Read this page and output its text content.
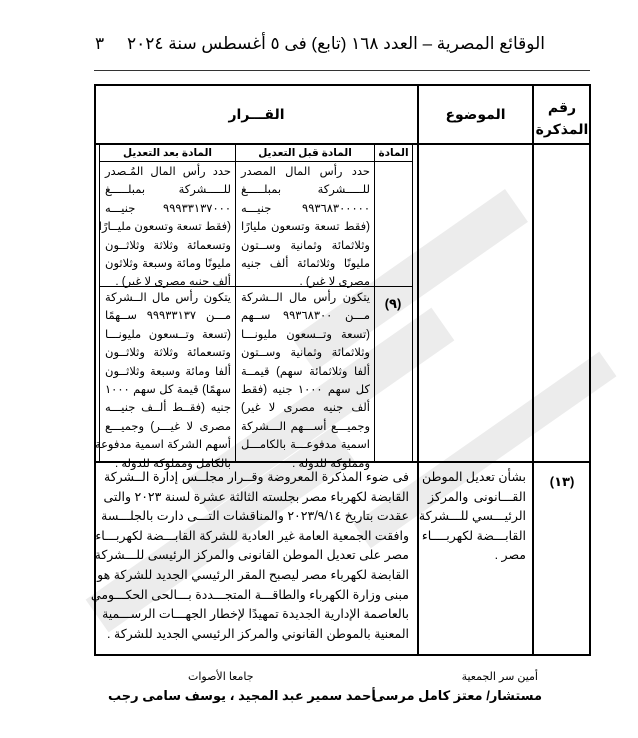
الوقائع المصرية – العدد ١٦٨ (تابع) فى ٥ أغسطس سنة ٢٠٢٤
٣
رقم المذكرة
الموضوع
القـــرار
المادة
المادة قبل التعديل
المادة بعد التعديل
حدد رأس المال المصدر
للـــــشركة بمبلـــــغ
٩٩٣٦٨٣٠٠٠٠٠ جنيـــه
(فقط تسعة وتسعون مليارًا
وثلاثمائة وثمانية وســتون
مليونًا وثلاثمائة ألف جنيه
مصرى لا غير) .
حدد رأس المال المُـصدر
للـــــشركة بمبلـــــغ
٩٩٩٣٣١٣٧٠٠٠ جنيـــه
(فقط تسعة وتسعون مليــارًا
وتسعمائة وثلاثة وثلاثــون
مليونًا ومائة وسبعة وثلاثون
ألف جنيه مصرى لا غير) .
(٩)
يتكون رأس مال الــشركة
مـــن ٩٩٣٦٨٣٠٠ ســهم
(تسعة وتــسعون مليونـــا
وثلاثمائة وثمانية وســتون
ألفا وثلاثمائة سهم) قيمــة
كل سهم ١٠٠٠ جنيه (فقط
ألف جنيه مصرى لا غير)
وجميـــع أســـهم الـــشركة
اسمية مدفوعـــة بالكامـــل
ومملوكة للدولة .
يتكون رأس مال الــشركة
مـــن ٩٩٩٣٣١٣٧ ســهمًا
(تسعة وتــسعون مليونـــا
وتسعمائة وثلاثة وثلاثــون
ألفا ومائة وسبعة وثلاثــون
سهمًا) قيمة كل سهم ١٠٠٠
جنيه (فقــط ألــف جنيـــه
مصرى لا غيـــر) وجميـــع
أسهم الشركة اسمية مدفوعة
بالكامل ومملوكة للدولة .
(١٣)
بشأن تعديل الموطن
القـــانونى والمركز
الرئيـــسي للـــشركة
القابـــضة لكهربــــاء
مصر .
فى ضوء المذكرة المعروضة وقــرار مجلــس إدارة الــشركة
القابضة لكهرباء مصر بجلسته الثالثة عشرة لسنة ٢٠٢٣ والتى
عقدت بتاريخ ٢٠٢٣/٩/١٤ والمناقشات التـــى دارت بالجلـــسة
وافقت الجمعية العامة غير العادية للشركة القابـــضة لكهربـــاء
مصر على تعديل الموطن القانونى والمركز الرئيسى للـــشركة
القابضة لكهرباء مصر ليصبح المقر الرئيسي الجديد للشركة هو
مبنى وزارة الكهرباء والطاقـــة المتجـــددة بـــالحى الحكـــومي
بالعاصمة الإدارية الجديدة تمهيدًا لإخطار الجهـــات الرســـمية
المعنية بالموطن القانوني والمركز الرئيسي الجديد للشركة .
أمين سر الجمعية
مستشار/ معتز كامل مرسى
جامعا الأصوات
أحمد سمير عبد المجيد ، يوسف سامى رجب
